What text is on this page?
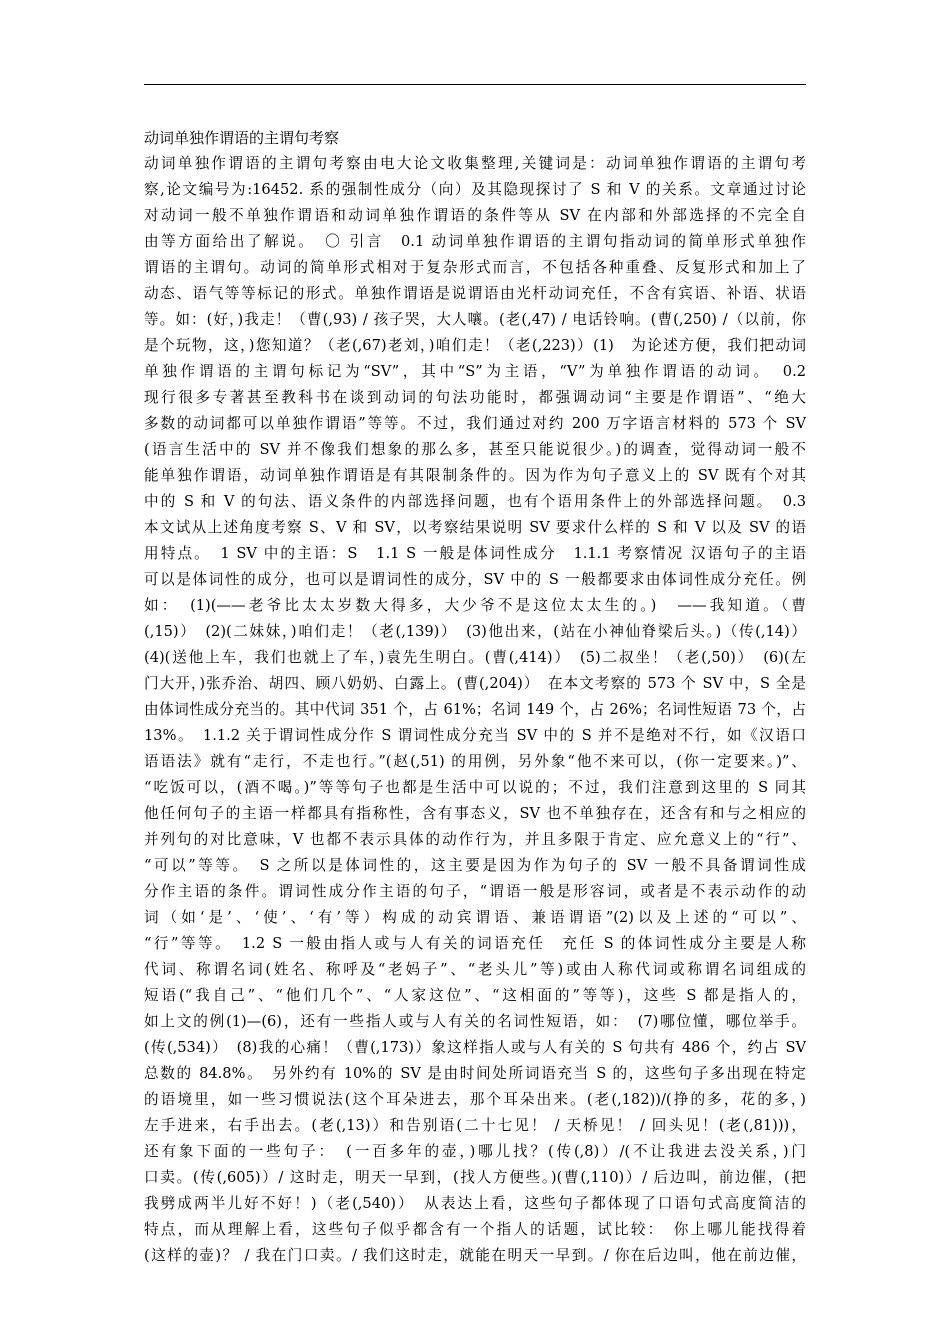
动词单独作谓语的主谓句考察
动词单独作谓语的主谓句考察由电大论文收集整理,关键词是：动词单独作谓语的主谓句考
察,论文编号为:16452. 系的强制性成分（向）及其隐现探讨了 S 和 V 的关系。文章通过讨论
对动词一般不单独作谓语和动词单独作谓语的条件等从 SV 在内部和外部选择的不完全自
由等方面给出了解说。　〇 引言　0.1 动词单独作谓语的主谓句指动词的简单形式单独作
谓语的主谓句。动词的简单形式相对于复杂形式而言，不包括各种重叠、反复形式和加上了
动态、语气等等标记的形式。单独作谓语是说谓语由光杆动词充任，不含有宾语、补语、状语
等。如：(好，)我走！（曹(,93) / 孩子哭，大人嚷。(老(,47) / 电话铃响。(曹(,250) /（以前，你
是个玩物，这，)您知道？（老(,67)老刘，)咱们走！（老(,223)）(1)　为论述方便，我们把动词
单独作谓语的主谓句标记为“SV”，其中“S”为主语，“V”为单独作谓语的动词。　0.2
现行很多专著甚至教科书在谈到动词的句法功能时，都强调动词“主要是作谓语”、“绝大
多数的动词都可以单独作谓语”等等。不过，我们通过对约 200 万字语言材料的 573 个 SV
(语言生活中的 SV 并不像我们想象的那么多，甚至只能说很少。)的调查，觉得动词一般不
能单独作谓语，动词单独作谓语是有其限制条件的。因为作为句子意义上的 SV 既有个对其
中的 S 和 V 的句法、语义条件的内部选择问题，也有个语用条件上的外部选择问题。　0.3
本文试从上述角度考察 S、V 和 SV，以考察结果说明 SV 要求什么样的 S 和 V 以及 SV 的语
用特点。　1 SV 中的主语：S　1.1 S 一般是体词性成分　1.1.1 考察情况 汉语句子的主语
可以是体词性的成分，也可以是谓词性的成分，SV 中的 S 一般都要求由体词性成分充任。例
如：　(1)(——老爷比太太岁数大得多，大少爷不是这位太太生的。)　——我知道。（曹
(,15)）　(2)(二妹妹，)咱们走！（老(,139)）　(3)他出来，(站在小神仙脊梁后头。)（传(,14)）
(4)(送他上车，我们也就上了车，)袁先生明白。(曹(,414)）　(5)二叔坐！（老(,50)）　(6)(左
门大开，)张乔治、胡四、顾八奶奶、白露上。(曹(,204)）　在本文考察的 573 个 SV 中，S 全是
由体词性成分充当的。其中代词 351 个，占 61%；名词 149 个，占 26%；名词性短语 73 个，占
13%。　1.1.2 关于谓词性成分作 S 谓词性成分充当 SV 中的 S 并不是绝对不行，如《汉语口
语语法》就有“走行，不走也行。”(赵(,51) 的用例，另外象“他不来可以，(你一定要来。)”、
“吃饭可以，(酒不喝。)”等等句子也都是生活中可以说的；不过，我们注意到这里的 S 同其
他任何句子的主语一样都具有指称性，含有事态义，SV 也不单独存在，还含有和与之相应的
并列句的对比意味，V 也都不表示具体的动作行为，并且多限于肯定、应允意义上的“行”、
“可以”等等。　S 之所以是体词性的，这主要是因为作为句子的 SV 一般不具备谓词性成
分作主语的条件。谓词性成分作主语的句子，“谓语一般是形容词，或者是不表示动作的动
词（如‘是’、‘使’、‘有’等）构成的动宾谓语、兼语谓语”(2)以及上述的“可以”、
“行”等等。　1.2 S 一般由指人或与人有关的词语充任　充任 S 的体词性成分主要是人称
代词、称谓名词(姓名、称呼及“老妈子”、“老头儿”等)或由人称代词或称谓名词组成的
短语(“我自己”、“他们几个”、“人家这位”、“这相面的”等等)，这些 S 都是指人的，
如上文的例(1)—(6)，还有一些指人或与人有关的名词性短语，如：　(7)哪位懂，哪位举手。
(传(,534)）　(8)我的心痛！（曹(,173)）象这样指人或与人有关的 S 句共有 486 个，约占 SV
总数的 84.8%。　另外约有 10%的 SV 是由时间处所词语充当 S 的，这些句子多出现在特定
的语境里，如一些习惯说法(这个耳朵进去，那个耳朵出来。(老(,182))/(挣的多，花的多，)
左手进来，右手出去。(老(,13)）和告别语(二十七见！ / 天桥见！ / 回头见！(老(,81)))，
还有象下面的一些句子：　(一百多年的壶，)哪儿找？(传(,8)）/(不让我进去没关系，)门
口卖。(传(,605)）/ 这时走，明天一早到，(找人方便些。)(曹(,110)）/ 后边叫，前边催，(把
我劈成两半儿好不好！)（老(,540)）　从表达上看，这些句子都体现了口语句式高度简洁的
特点，而从理解上看，这些句子似乎都含有一个指人的话题，试比较：　你上哪儿能找得着
(这样的壶)？ / 我在门口卖。/ 我们这时走，就能在明天一早到。/ 你在后边叫，他在前边催，
